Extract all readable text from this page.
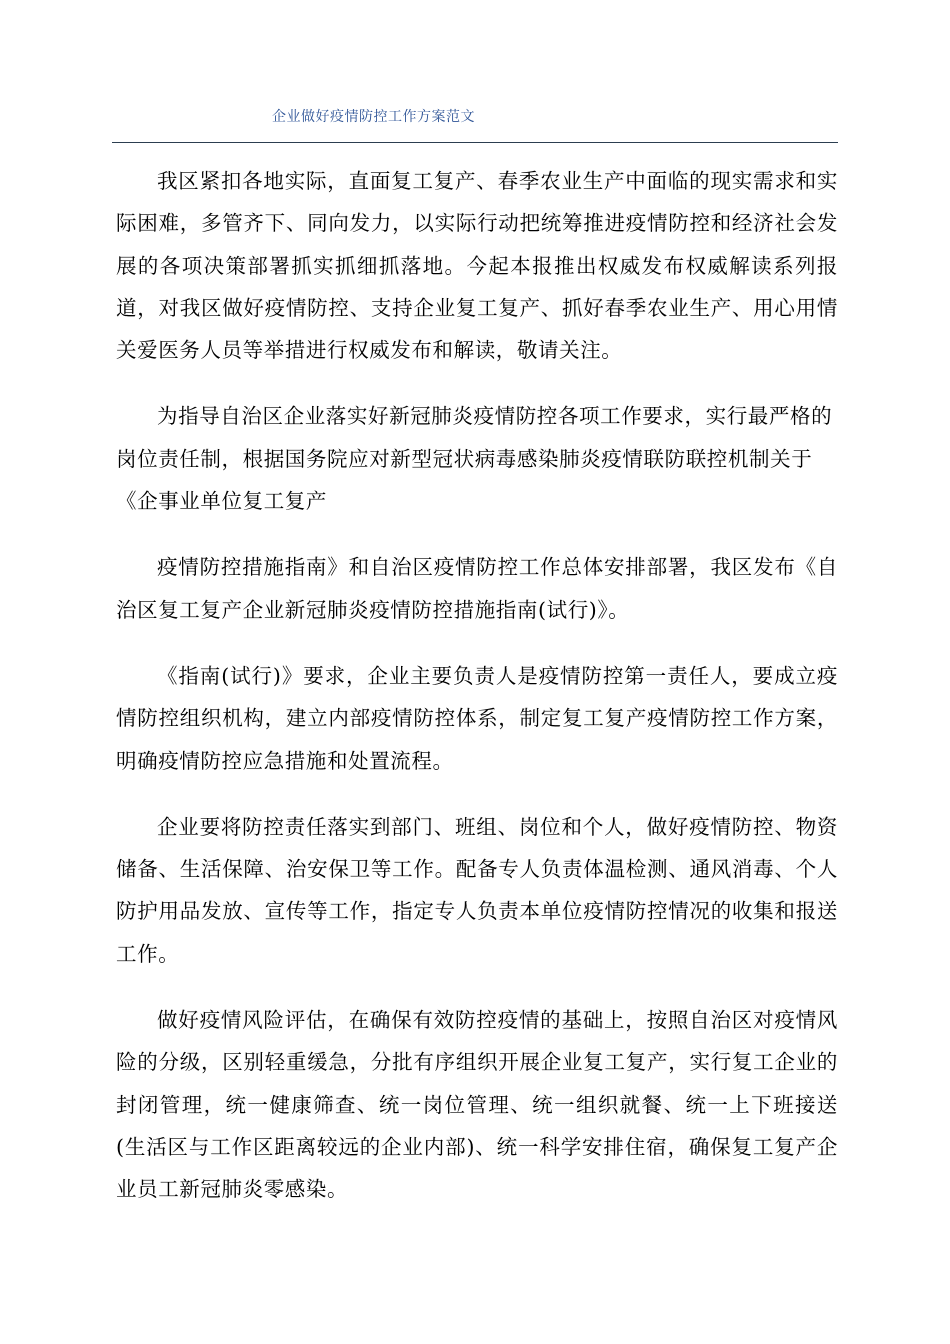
企业做好疫情防控工作方案范文

我区紧扣各地实际，直面复工复产、春季农业生产中面临的现实需求和实际困难，多管齐下、同向发力，以实际行动把统筹推进疫情防控和经济社会发展的各项决策部署抓实抓细抓落地。今起本报推出权威发布权威解读系列报道，对我区做好疫情防控、支持企业复工复产、抓好春季农业生产、用心用情关爱医务人员等举措进行权威发布和解读，敬请关注。

为指导自治区企业落实好新冠肺炎疫情防控各项工作要求，实行最严格的岗位责任制，根据国务院应对新型冠状病毒感染肺炎疫情联防联控机制关于《企事业单位复工复产

疫情防控措施指南》和自治区疫情防控工作总体安排部署，我区发布《自治区复工复产企业新冠肺炎疫情防控措施指南(试行)》。

《指南(试行)》要求，企业主要负责人是疫情防控第一责任人，要成立疫情防控组织机构，建立内部疫情防控体系，制定复工复产疫情防控工作方案，明确疫情防控应急措施和处置流程。

企业要将防控责任落实到部门、班组、岗位和个人，做好疫情防控、物资储备、生活保障、治安保卫等工作。配备专人负责体温检测、通风消毒、个人防护用品发放、宣传等工作，指定专人负责本单位疫情防控情况的收集和报送工作。

做好疫情风险评估，在确保有效防控疫情的基础上，按照自治区对疫情风险的分级，区别轻重缓急，分批有序组织开展企业复工复产，实行复工企业的封闭管理，统一健康筛查、统一岗位管理、统一组织就餐、统一上下班接送(生活区与工作区距离较远的企业内部)、统一科学安排住宿，确保复工复产企业员工新冠肺炎零感染。
